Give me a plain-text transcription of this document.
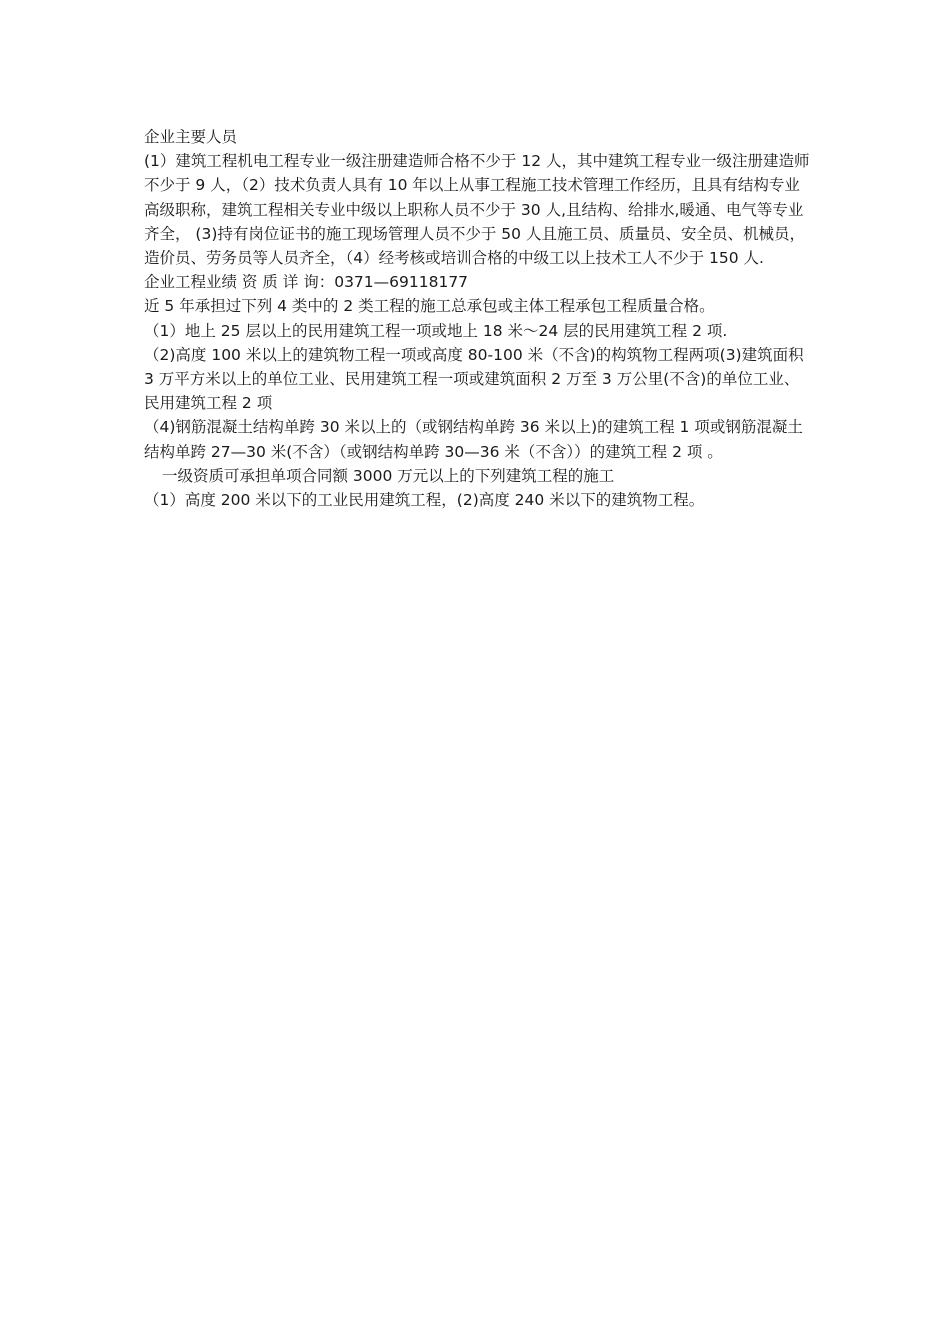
企业主要人员

(1）建筑工程机电工程专业一级注册建造师合格不少于 12 人，其中建筑工程专业一级注册建造师不少于 9 人，（2）技术负责人具有 10 年以上从事工程施工技术管理工作经历，且具有结构专业高级职称，建筑工程相关专业中级以上职称人员不少于 30 人,且结构、给排水,暖通、电气等专业齐全， (3)持有岗位证书的施工现场管理人员不少于 50 人且施工员、质量员、安全员、机械员，造价员、劳务员等人员齐全，（4）经考核或培训合格的中级工以上技术工人不少于 150 人.

企业工程业绩 资 质 详 询：0371—69118177

近 5 年承担过下列 4 类中的 2 类工程的施工总承包或主体工程承包工程质量合格。

（1）地上 25 层以上的民用建筑工程一项或地上 18 米～24 层的民用建筑工程 2 项.

（2)高度 100 米以上的建筑物工程一项或高度 80-100 米（不含)的构筑物工程两项(3)建筑面积 3 万平方米以上的单位工业、民用建筑工程一项或建筑面积 2 万至 3 万公里(不含)的单位工业、民用建筑工程 2 项

（4)钢筋混凝土结构单跨 30 米以上的（或钢结构单跨 36 米以上)的建筑工程 1 项或钢筋混凝土结构单跨 27—30 米(不含）（或钢结构单跨 30—36 米（不含））的建筑工程 2 项 。

一级资质可承担单项合同额 3000 万元以上的下列建筑工程的施工

（1）高度 200 米以下的工业民用建筑工程，(2)高度 240 米以下的建筑物工程。
